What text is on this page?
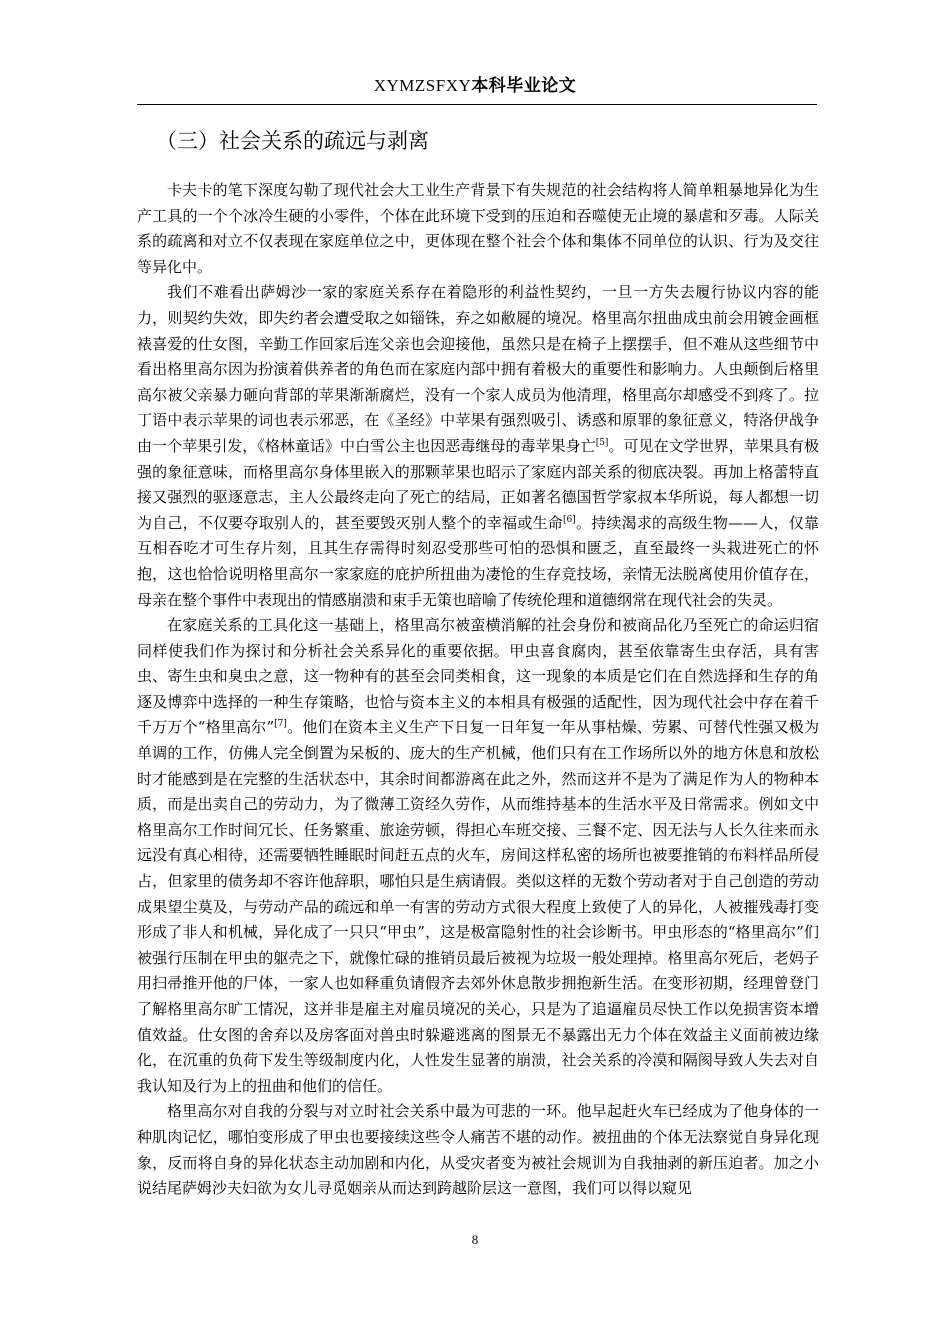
XYMZSFXY本科毕业论文
（三）社会关系的疏远与剥离

卡夫卡的笔下深度勾勒了现代社会大工业生产背景下有失规范的社会结构将人简单粗暴地异化为生产工具的一个个冰冷生硬的小零件，个体在此环境下受到的压迫和吞噬使无止境的暴虐和歹毒。人际关系的疏离和对立不仅表现在家庭单位之中，更体现在整个社会个体和集体不同单位的认识、行为及交往等异化中。

我们不难看出萨姆沙一家的家庭关系存在着隐形的利益性契约，一旦一方失去履行协议内容的能力，则契约失效，即失约者会遭受取之如锱铢，弃之如敝屣的境况。格里高尔扭曲成虫前会用镀金画框裱喜爱的仕女图，辛勤工作回家后连父亲也会迎接他，虽然只是在椅子上摆摆手，但不难从这些细节中看出格里高尔因为扮演着供养者的角色而在家庭内部中拥有着极大的重要性和影响力。人虫颠倒后格里高尔被父亲暴力砸向背部的苹果渐渐腐烂，没有一个家人成员为他清理，格里高尔却感受不到疼了。拉丁语中表示苹果的词也表示邪恶，在《圣经》中苹果有强烈吸引、诱惑和原罪的象征意义，特洛伊战争由一个苹果引发，《格林童话》中白雪公主也因恶毒继母的毒苹果身亡[5]。可见在文学世界，苹果具有极强的象征意味，而格里高尔身体里嵌入的那颗苹果也昭示了家庭内部关系的彻底决裂。再加上格蕾特直接又强烈的驱逐意志，主人公最终走向了死亡的结局，正如著名德国哲学家叔本华所说，每人都想一切为自己，不仅要夺取别人的，甚至要毁灭别人整个的幸福或生命[6]。持续渴求的高级生物——人，仅靠互相吞吃才可生存片刻，且其生存需得时刻忍受那些可怕的恐惧和匮乏，直至最终一头栽进死亡的怀抱，这也恰恰说明格里高尔一家家庭的庇护所扭曲为凄怆的生存竞技场，亲情无法脱离使用价值存在，母亲在整个事件中表现出的情感崩溃和束手无策也暗喻了传统伦理和道德纲常在现代社会的失灵。

在家庭关系的工具化这一基础上，格里高尔被蛮横消解的社会身份和被商品化乃至死亡的命运归宿同样使我们作为探讨和分析社会关系异化的重要依据。甲虫喜食腐肉，甚至依靠寄生虫存活，具有害虫、寄生虫和臭虫之意，这一物种有的甚至会同类相食，这一现象的本质是它们在自然选择和生存的角逐及博弈中选择的一种生存策略，也恰与资本主义的本相具有极强的适配性，因为现代社会中存在着千千万万个“格里高尔”[7]。他们在资本主义生产下日复一日年复一年从事枯燥、劳累、可替代性强又极为单调的工作，仿佛人完全倒置为呆板的、庞大的生产机械，他们只有在工作场所以外的地方休息和放松时才能感到是在完整的生活状态中，其余时间都游离在此之外，然而这并不是为了满足作为人的物种本质，而是出卖自己的劳动力，为了微薄工资经久劳作，从而维持基本的生活水平及日常需求。例如文中格里高尔工作时间冗长、任务繁重、旅途劳顿，得担心车班交接、三餐不定、因无法与人长久往来而永远没有真心相待，还需要牺牲睡眠时间赶五点的火车，房间这样私密的场所也被要推销的布料样品所侵占，但家里的债务却不容许他辞职，哪怕只是生病请假。类似这样的无数个劳动者对于自己创造的劳动成果望尘莫及，与劳动产品的疏远和单一有害的劳动方式很大程度上致使了人的异化，人被摧残毒打变形成了非人和机械，异化成了一只只“甲虫”，这是极富隐射性的社会诊断书。甲虫形态的“格里高尔”们被强行压制在甲虫的躯壳之下，就像忙碌的推销员最后被视为垃圾一般处理掉。格里高尔死后，老妈子用扫帚推开他的尸体，一家人也如释重负请假齐去郊外休息散步拥抱新生活。在变形初期，经理曾登门了解格里高尔旷工情况，这并非是雇主对雇员境况的关心，只是为了追逼雇员尽快工作以免损害资本增值效益。仕女图的舍弃以及房客面对兽虫时躲避逃离的图景无不暴露出无力个体在效益主义面前被边缘化，在沉重的负荷下发生等级制度内化，人性发生显著的崩溃，社会关系的冷漠和隔阂导致人失去对自我认知及行为上的扭曲和他们的信任。

格里高尔对自我的分裂与对立时社会关系中最为可悲的一环。他早起赶火车已经成为了他身体的一种肌肉记忆，哪怕变形成了甲虫也要接续这些令人痛苦不堪的动作。被扭曲的个体无法察觉自身异化现象，反而将自身的异化状态主动加剧和内化，从受灾者变为被社会规训为自我抽剥的新压迫者。加之小说结尾萨姆沙夫妇欲为女儿寻觅姻亲从而达到跨越阶层这一意图，我们可以得以窥见

8
